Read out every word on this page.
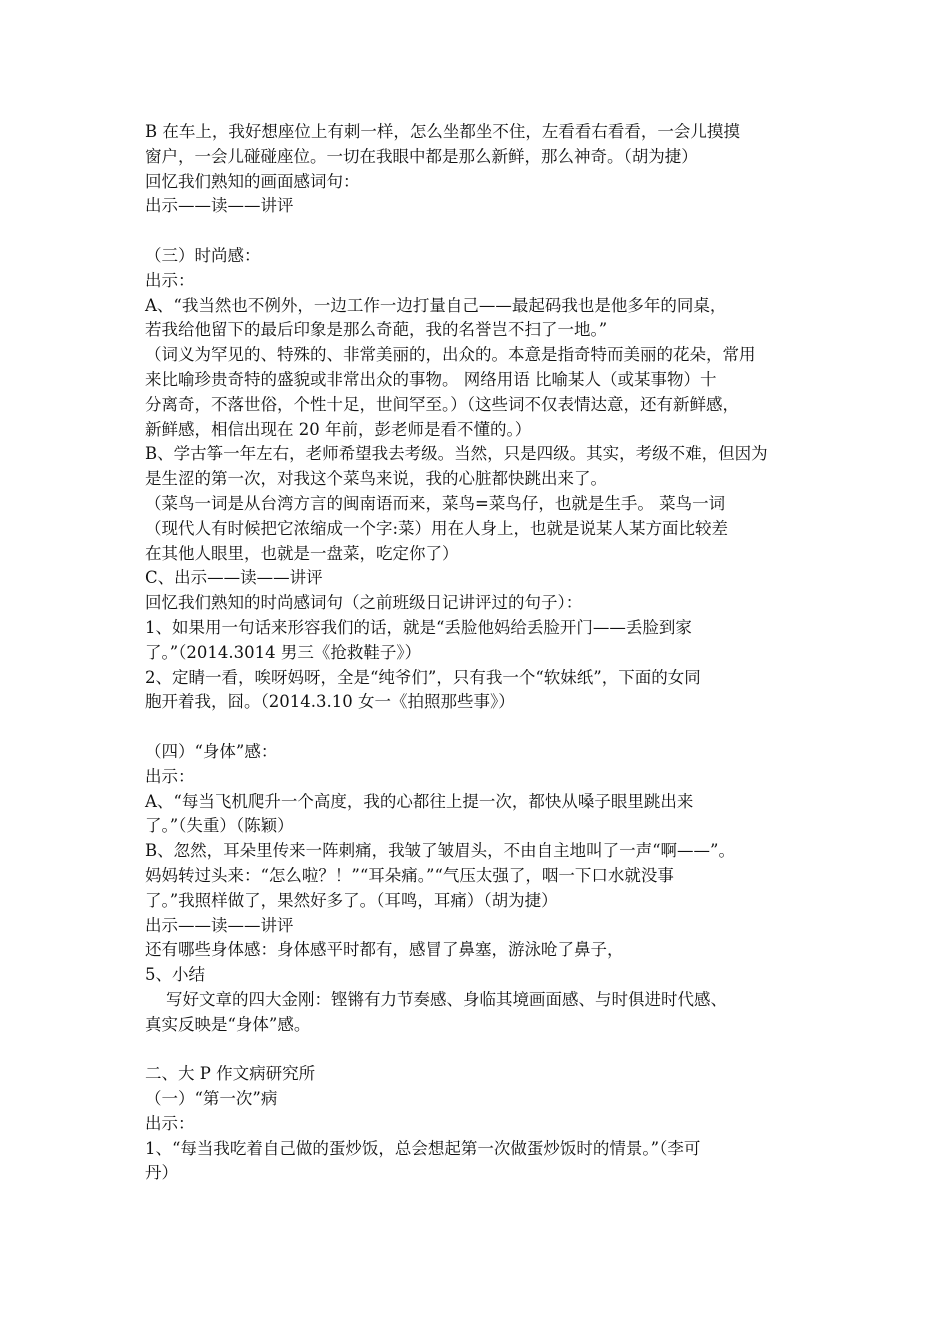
B 在车上，我好想座位上有刺一样，怎么坐都坐不住，左看看右看看，一会儿摸摸
窗户，一会儿碰碰座位。一切在我眼中都是那么新鲜，那么神奇。（胡为捷）
回忆我们熟知的画面感词句：
出示——读——讲评
（三）时尚感：
出示：
A、“我当然也不例外，一边工作一边打量自己——最起码我也是他多年的同桌，
若我给他留下的最后印象是那么奇葩，我的名誉岂不扫了一地。”
（词义为罕见的、特殊的、非常美丽的，出众的。本意是指奇特而美丽的花朵，常用
来比喻珍贵奇特的盛貌或非常出众的事物。 网络用语 比喻某人（或某事物）十
分离奇，不落世俗，个性十足，世间罕至。）（这些词不仅表情达意，还有新鲜感，
新鲜感，相信出现在 20 年前，彭老师是看不懂的。）
B、学古筝一年左右，老师希望我去考级。当然，只是四级。其实，考级不难，但因为
是生涩的第一次，对我这个菜鸟来说，我的心脏都快跳出来了。
（菜鸟一词是从台湾方言的闽南语而来，菜鸟=菜鸟仔，也就是生手。 菜鸟一词
（现代人有时候把它浓缩成一个字:菜）用在人身上，也就是说某人某方面比较差
在其他人眼里，也就是一盘菜，吃定你了）
C、出示——读——讲评
回忆我们熟知的时尚感词句（之前班级日记讲评过的句子）：
1、如果用一句话来形容我们的话，就是“丢脸他妈给丢脸开门——丢脸到家
了。”（2014.3014 男三《抢救鞋子》）
2、定睛一看，唉呀妈呀，全是“纯爷们”，只有我一个“软妹纸”，下面的女同
胞开着我，囧。（2014.3.10 女一《拍照那些事》）
（四）“身体”感：
出示：
A、“每当飞机爬升一个高度，我的心都往上提一次，都快从嗓子眼里跳出来
了。”（失重）（陈颖）
B、忽然，耳朵里传来一阵刺痛，我皱了皱眉头，不由自主地叫了一声“啊——”。
妈妈转过头来：“怎么啦？！”“耳朵痛。”“气压太强了，咽一下口水就没事
了。”我照样做了，果然好多了。（耳鸣，耳痛）（胡为捷）
出示——读——讲评
还有哪些身体感：身体感平时都有，感冒了鼻塞，游泳呛了鼻子，
5、小结
写好文章的四大金刚：铿锵有力节奏感、身临其境画面感、与时俱进时代感、
真实反映是“身体”感。
二、大 P 作文病研究所
（一）“第一次”病
出示：
1、“每当我吃着自己做的蛋炒饭，总会想起第一次做蛋炒饭时的情景。”（李可
丹）
